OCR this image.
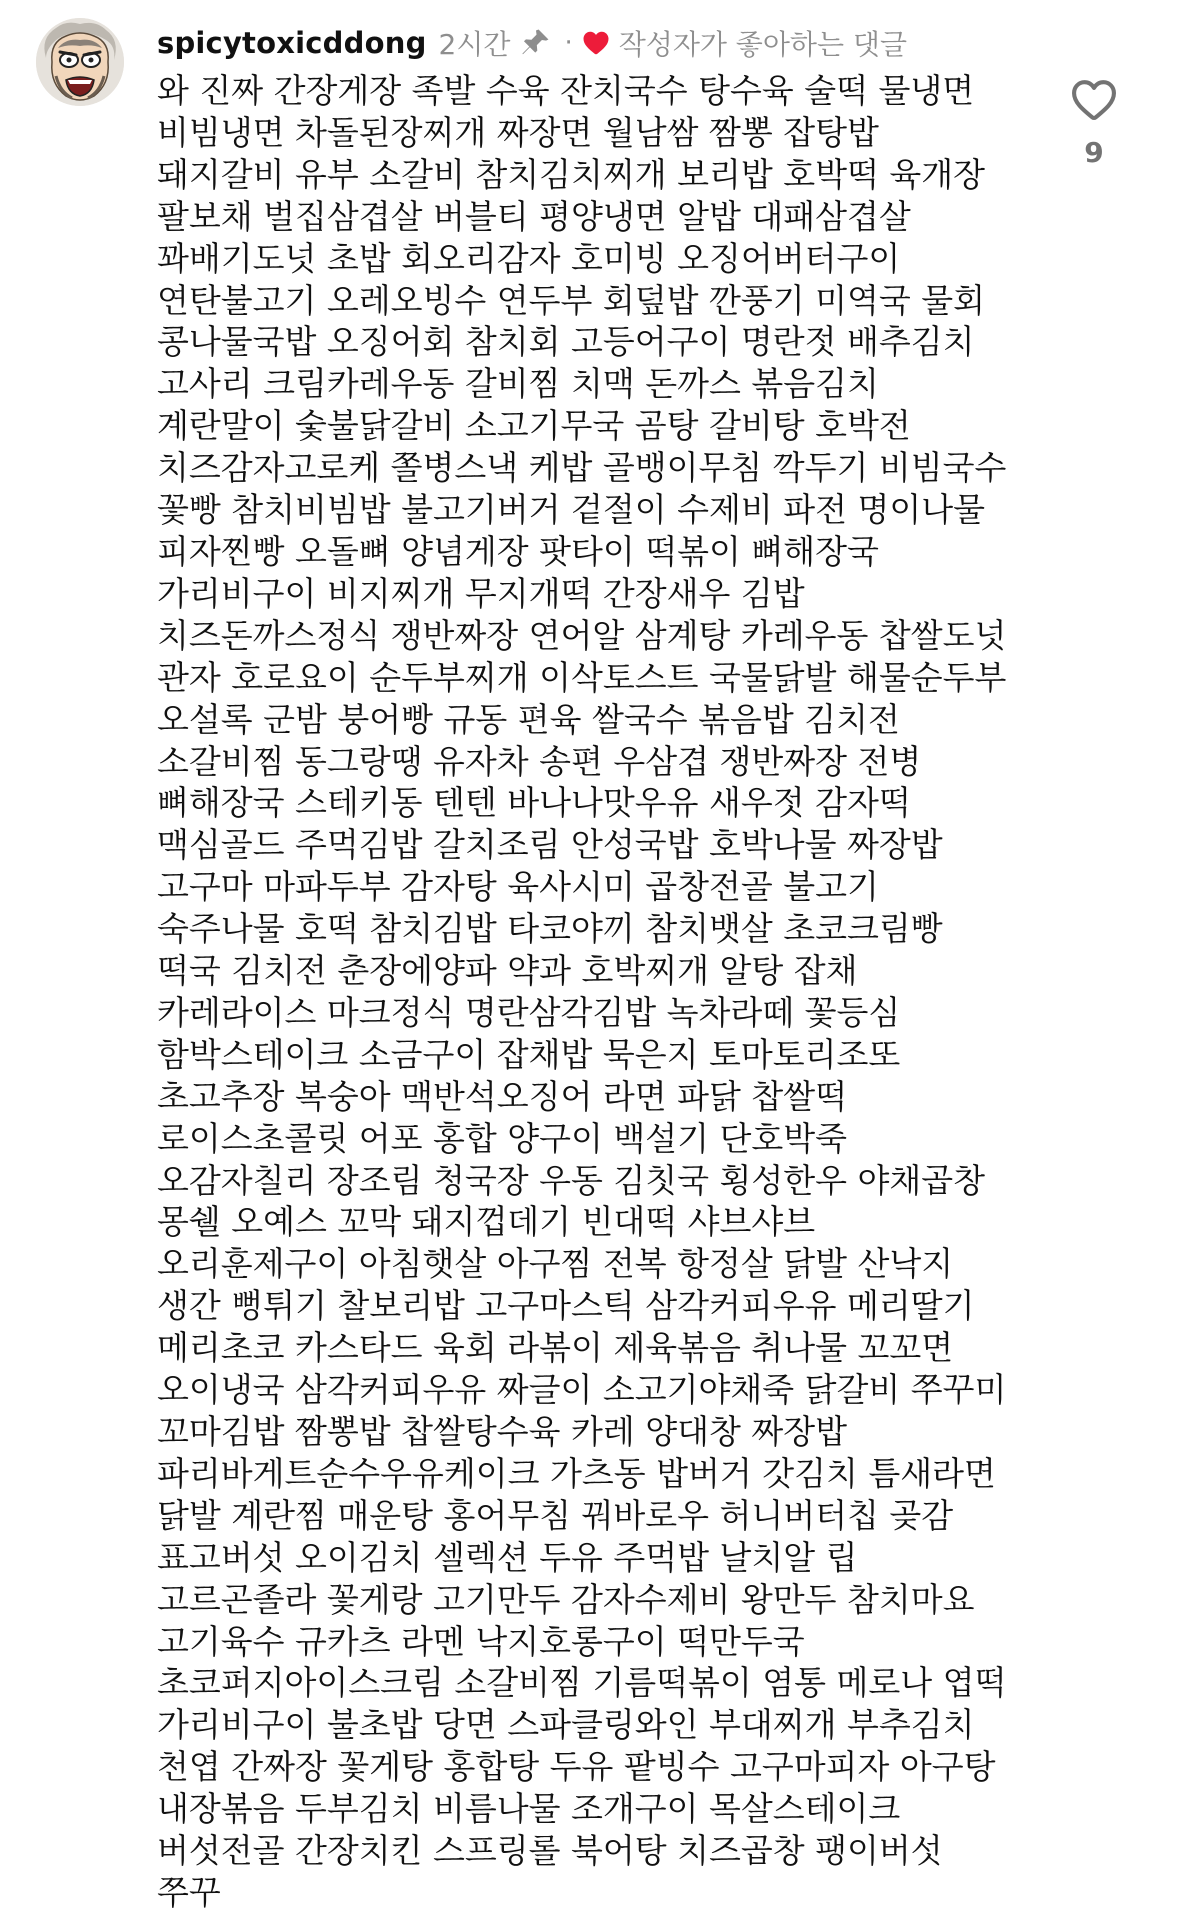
spicytoxicddong 2시간 · 작성자가 좋아하는 댓글

와 진짜 간장게장 족발 수육 잔치국수 탕수육 술떡 물냉면 비빔냉면 차돌된장찌개 짜장면 월남쌈 짬뽕 잡탕밥 돼지갈비 유부 소갈비 참치김치찌개 보리밥 호박떡 육개장 팔보채 벌집삼겹살 버블티 평양냉면 알밥 대패삼겹살 꽈배기도넛 초밥 회오리감자 호미빙 오징어버터구이 연탄불고기 오레오빙수 연두부 회덮밥 깐풍기 미역국 물회 콩나물국밥 오징어회 참치회 고등어구이 명란젓 배추김치 고사리 크림카레우동 갈비찜 치맥 돈까스 볶음김치 계란말이 숯불닭갈비 소고기무국 곰탕 갈비탕 호박전 치즈감자고로케 쫄병스낵 케밥 골뱅이무침 깍두기 비빔국수 꽃빵 참치비빔밥 불고기버거 겉절이 수제비 파전 명이나물 피자찐빵 오돌뼈 양념게장 팟타이 떡볶이 뼈해장국 가리비구이 비지찌개 무지개떡 간장새우 김밥 치즈돈까스정식 쟁반짜장 연어알 삼계탕 카레우동 찹쌀도넛 관자 호로요이 순두부찌개 이삭토스트 국물닭발 해물순두부 오설록 군밤 붕어빵 규동 편육 쌀국수 볶음밥 김치전 소갈비찜 동그랑땡 유자차 송편 우삼겹 쟁반짜장 전병 뼈해장국 스테키동 텐텐 바나나맛우유 새우젓 감자떡 맥심골드 주먹김밥 갈치조림 안성국밥 호박나물 짜장밥 고구마 마파두부 감자탕 육사시미 곱창전골 불고기 숙주나물 호떡 참치김밥 타코야끼 참치뱃살 초코크림빵 떡국 김치전 춘장에양파 약과 호박찌개 알탕 잡채 카레라이스 마크정식 명란삼각김밥 녹차라떼 꽃등심 함박스테이크 소금구이 잡채밥 묵은지 토마토리조또 초고추장 복숭아 맥반석오징어 라면 파닭 찹쌀떡 로이스초콜릿 어포 홍합 양구이 백설기 단호박죽 오감자칠리 장조림 청국장 우동 김칫국 횡성한우 야채곱창 몽쉘 오예스 꼬막 돼지껍데기 빈대떡 샤브샤브 오리훈제구이 아침햇살 아구찜 전복 항정살 닭발 산낙지 생간 뻥튀기 찰보리밥 고구마스틱 삼각커피우유 메리딸기 메리초코 카스타드 육회 라볶이 제육볶음 취나물 꼬꼬면 오이냉국 삼각커피우유 짜글이 소고기야채죽 닭갈비 쭈꾸미 꼬마김밥 짬뽕밥 찹쌀탕수육 카레 양대창 짜장밥 파리바게트순수우유케이크 가츠동 밥버거 갓김치 틈새라면 닭발 계란찜 매운탕 홍어무침 꿔바로우 허니버터칩 곶감 표고버섯 오이김치 셀렉션 두유 주먹밥 날치알 립 고르곤졸라 꽃게랑 고기만두 감자수제비 왕만두 참치마요 고기육수 규카츠 라멘 낙지호롱구이 떡만두국 초코퍼지아이스크림 소갈비찜 기름떡볶이 염통 메로나 엽떡 가리비구이 불초밥 당면 스파클링와인 부대찌개 부추김치 천엽 간짜장 꽃게탕 홍합탕 두유 팥빙수 고구마피자 아구탕 내장볶음 두부김치 비름나물 조개구이 목살스테이크 버섯전골 간장치킨 스프링롤 북어탕 치즈곱창 팽이버섯 쭈꾸

9
